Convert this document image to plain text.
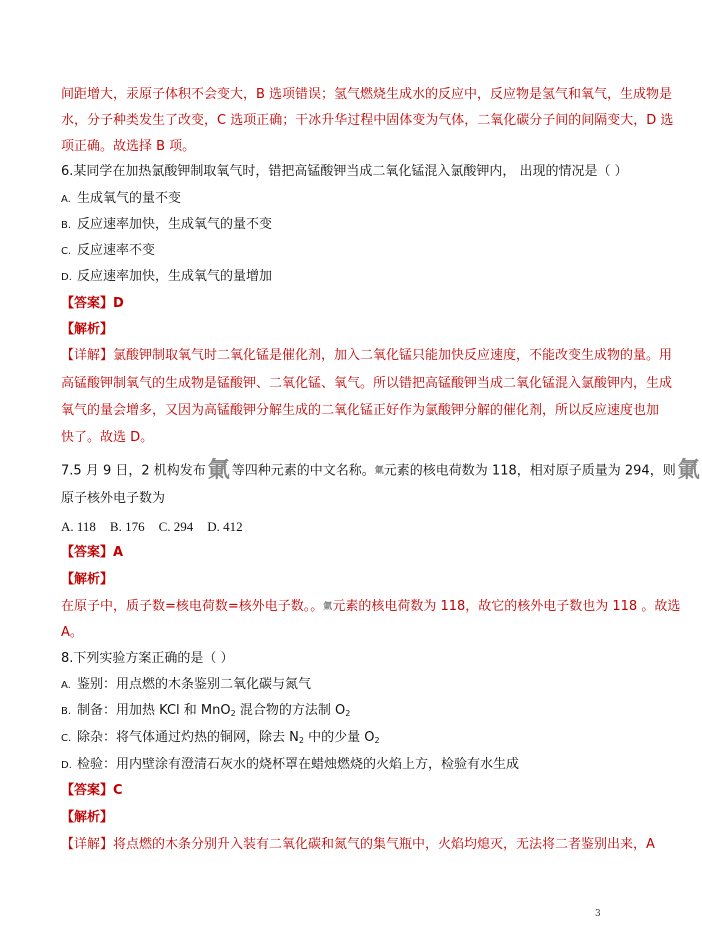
间距增大，汞原子体积不会变大，B 选项错误；氢气燃烧生成水的反应中，反应物是氢气和氧气，生成物是
水，分子种类发生了改变，C 选项正确；干冰升华过程中固体变为气体，二氧化碳分子间的间隔变大，D 选
项正确。故选择 B 项。
6.某同学在加热氯酸钾制取氧气时，错把高锰酸钾当成二氧化锰混入氯酸钾内， 出现的情况是（ ）
A. 生成氧气的量不变
B. 反应速率加快，生成氧气的量不变
C. 反应速率不变
D. 反应速率加快，生成氧气的量增加
【答案】D
【解析】
【详解】氯酸钾制取氧气时二氧化锰是催化剂，加入二氧化锰只能加快反应速度，不能改变生成物的量。用
高锰酸钾制氧气的生成物是锰酸钾、二氧化锰、氧气。所以错把高锰酸钾当成二氧化锰混入氯酸钾内，生成
氧气的量会增多，又因为高锰酸钾分解生成的二氧化锰正好作为氯酸钾分解的催化剂，所以反应速度也加
快了。故选 D。
7.5 月 9 日，2 机构发布氭 等四种元素的中文名称。氭元素的核电荷数为 118，相对原子质量为 294，则氭
原子核外电子数为
A. 118 B. 176 C. 294 D. 412
【答案】A
【解析】
在原子中，质子数=核电荷数=核外电子数。。氭元素的核电荷数为 118，故它的核外电子数也为 118 。故选
A。
8.下列实验方案正确的是（ ）
A. 鉴别：用点燃的木条鉴别二氧化碳与氮气
B. 制备：用加热 KCl 和 MnO$_2$ 混合物的方法制 $O_2$
C. 除杂：将气体通过灼热的铜网，除去 $N_2$ 中的少量 $O_2$
D. 检验：用内壁涂有澄清石灰水的烧杯罩在蜡烛燃烧的火焰上方，检验有水生成
【答案】C
【解析】
【详解】将点燃的木条分别升入装有二氧化碳和氮气的集气瓶中，火焰均熄灭，无法将二者鉴别出来，A
3
